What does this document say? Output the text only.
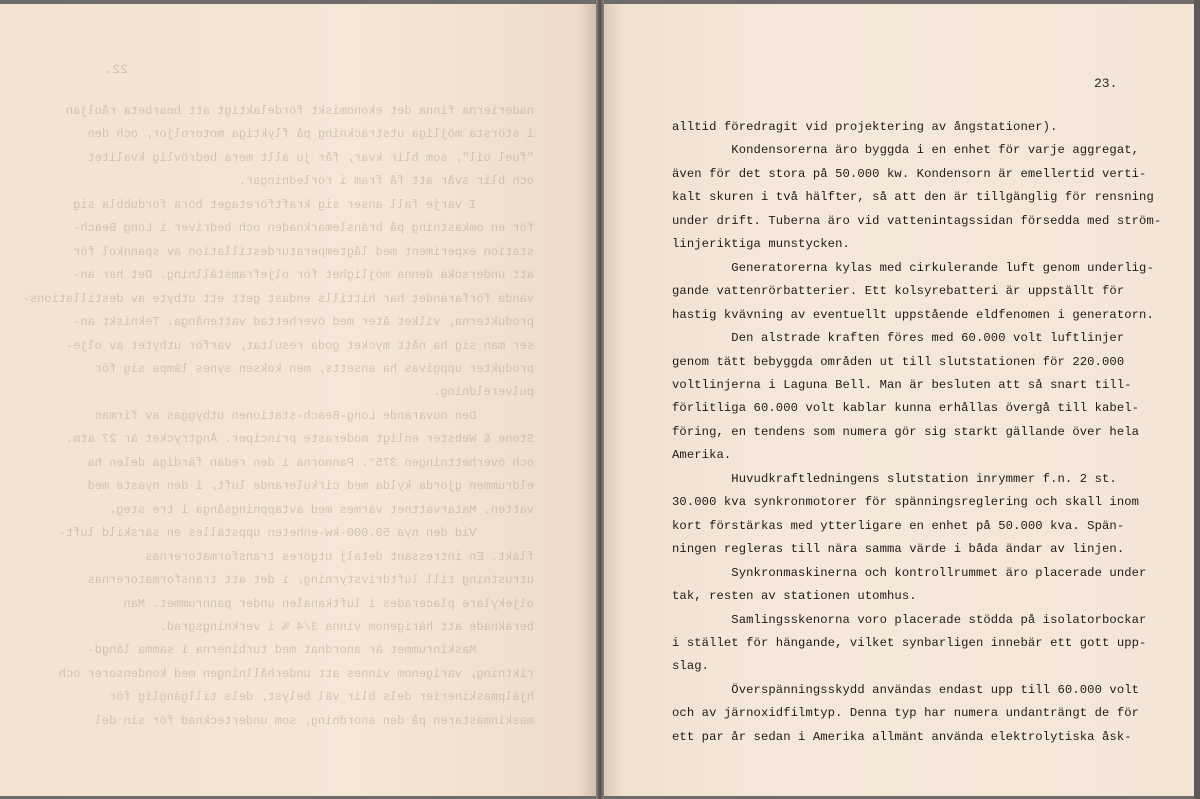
22.
naderierna finna det ekonomiskt fördelaktigt att bearbeta råoljan
i största möjliga utsträckning på flyktiga motoroljor, och den
"fuel oil", som blir kvar, får ju allt mera bedrövlig kvalitet
och blir svår att få fram i rörledningar.
I varje fall anser sig kraftföretaget böra fördubbla sig
för en omkastning på bränslemarknaden och bedriver i Long Beach-
station experiment med lågtemperaturdestillation av spannkol för
att undersöka denna möjlighet för oljeframställning. Det har an-
vända förfarandet har hittills endast gett ett utbyte av destillations-
produkterna, vilket åter med överhettad vattenånga. Tekniskt an-
ser man sig ha nått mycket goda resultat, varför utbytet av olje-
produkter uppgivas ha ansetts, men koksen synes lämpa sig för
pulvereldning.
Den nuvarande Long-Beach-stationen utbyggas av firman
Stone & Webster enligt moderaste principer. Ångtrycket är 27 atm.
och överhettningen 375°. Pannorna i den redan färdiga delen ha
eldrummen gjorda kylda med cirkulerande luft, i den nyaste med
vatten. Matarvattnet värmes med avtappningsånga i tre steg.
Vid den nya 50.000-kw-enheten uppställes en särskild luft-
fläkt. En intressant detalj utgöres transformatorernas
utrustning till luftdrivstyrning, i det att transformatorernas
oljekylare placerades i luftkanalen under pannrummet. Man
beräknade att härigenom vinna 3/4 % i verkningsgrad.
Maskinrummet är anordnat med turbinerna i samma längd-
riktning, varigenom vinnes att underhållningen med kondensorer och
hjälpmaskinerier dels blir väl belyst, dels tillgänglig för
maskinmästaren på den anordning, som undertecknad för sin del
23.
alltid föredragit vid projektering av ångstationer).
Kondensorerna äro byggda i en enhet för varje aggregat,
även för det stora på 50.000 kw. Kondensorn är emellertid verti-
kalt skuren i två hälfter, så att den är tillgänglig för rensning
under drift. Tuberna äro vid vattenintagssidan försedda med ström-
linjeriktiga munstycken.
Generatorerna kylas med cirkulerande luft genom underlig-
gande vattenrörbatterier. Ett kolsyrebatteri är uppställt för
hastig kvävning av eventuellt uppstående eldfenomen i generatorn.
Den alstrade kraften föres med 60.000 volt luftlinjer
genom tätt bebyggda områden ut till slutstationen för 220.000
voltlinjerna i Laguna Bell. Man är besluten att så snart till-
förlitliga 60.000 volt kablar kunna erhållas övergå till kabel-
föring, en tendens som numera gör sig starkt gällande över hela
Amerika.
Huvudkraftledningens slutstation inrymmer f.n. 2 st.
30.000 kva synkronmotorer för spänningsreglering och skall inom
kort förstärkas med ytterligare en enhet på 50.000 kva. Spän-
ningen regleras till nära samma värde i båda ändar av linjen.
Synkronmaskinerna och kontrollrummet äro placerade under
tak, resten av stationen utomhus.
Samlingsskenorna voro placerade stödda på isolatorbockar
i stället för hängande, vilket synbarligen innebär ett gott upp-
slag.
Överspänningsskydd användas endast upp till 60.000 volt
och av järnoxidfilmtyp. Denna typ har numera undanträngt de för
ett par år sedan i Amerika allmänt använda elektrolytiska åsk-
